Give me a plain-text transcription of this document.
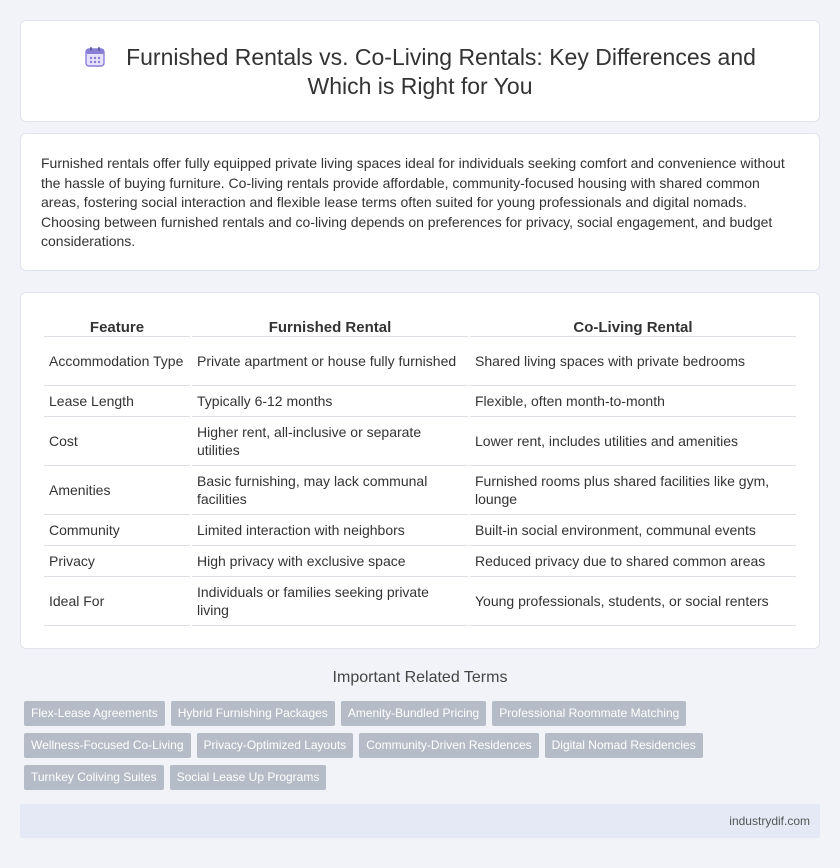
Furnished Rentals vs. Co-Living Rentals: Key Differences and Which is Right for You

Furnished rentals offer fully equipped private living spaces ideal for individuals seeking comfort and convenience without the hassle of buying furniture. Co-living rentals provide affordable, community-focused housing with shared common areas, fostering social interaction and flexible lease terms often suited for young professionals and digital nomads. Choosing between furnished rentals and co-living depends on preferences for privacy, social engagement, and budget considerations.

Feature	Furnished Rental	Co-Living Rental
Accommodation Type	Private apartment or house fully furnished	Shared living spaces with private bedrooms
Lease Length	Typically 6-12 months	Flexible, often month-to-month
Cost	Higher rent, all-inclusive or separate utilities	Lower rent, includes utilities and amenities
Amenities	Basic furnishing, may lack communal facilities	Furnished rooms plus shared facilities like gym, lounge
Community	Limited interaction with neighbors	Built-in social environment, communal events
Privacy	High privacy with exclusive space	Reduced privacy due to shared common areas
Ideal For	Individuals or families seeking private living	Young professionals, students, or social renters
Important Related Terms
Flex-Lease Agreements Hybrid Furnishing Packages Amenity-Bundled Pricing Professional Roommate Matching
Wellness-Focused Co-Living Privacy-Optimized Layouts Community-Driven Residences Digital Nomad Residencies
Turnkey Coliving Suites Social Lease Up Programs
industrydif.com
